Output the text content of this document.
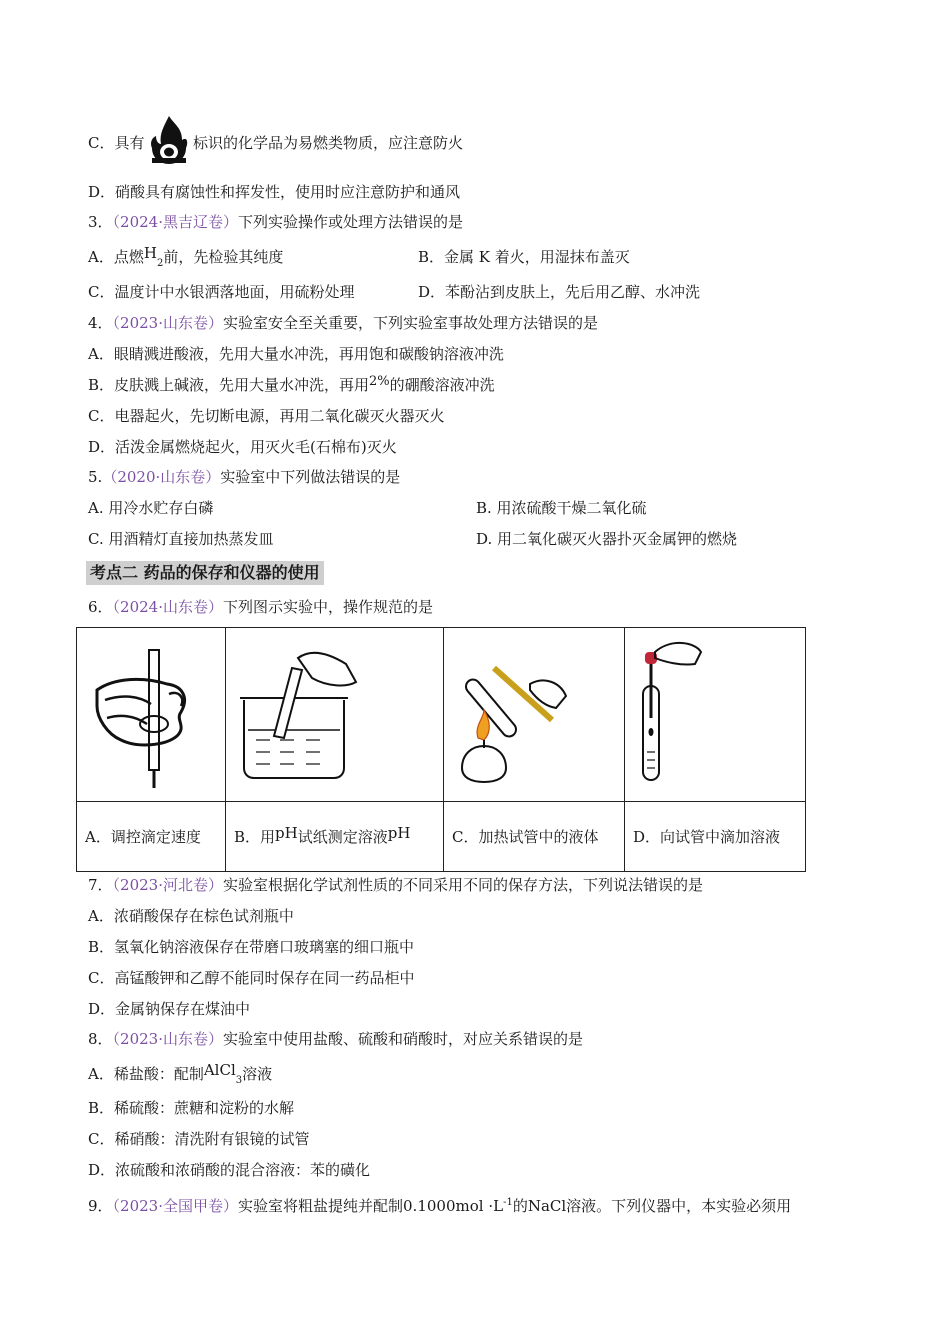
C．具有	标识的化学品为易燃类物质，应注意防火
D．硝酸具有腐蚀性和挥发性，使用时应注意防护和通风
3．（2024·黑吉辽卷）下列实验操作或处理方法错误的是
A．点燃$H_2$前，先检验其纯度	B．金属 K 着火，用湿抹布盖灭
C．温度计中水银洒落地面，用硫粉处理	D．苯酚沾到皮肤上，先后用乙醇、水冲洗
4．（2023·山东卷）实验室安全至关重要，下列实验室事故处理方法错误的是
A．眼睛溅进酸液，先用大量水冲洗，再用饱和碳酸钠溶液冲洗
B．皮肤溅上碱液，先用大量水冲洗，再用2%的硼酸溶液冲洗
C．电器起火，先切断电源，再用二氧化碳灭火器灭火
D．活泼金属燃烧起火，用灭火毛(石棉布)灭火
5.（2020·山东卷）实验室中下列做法错误的是
A. 用冷水贮存白磷	B. 用浓硫酸干燥二氧化硫
C. 用酒精灯直接加热蒸发皿	D. 用二氧化碳灭火器扑灭金属钾的燃烧
考点二 药品的保存和仪器的使用
6．（2024·山东卷）下列图示实验中，操作规范的是

A．调控滴定速度	B．用pH试纸测定溶液pH	C．加热试管中的液体	D．向试管中滴加溶液
7．（2023·河北卷）实验室根据化学试剂性质的不同采用不同的保存方法，下列说法错误的是
A．浓硝酸保存在棕色试剂瓶中
B．氢氧化钠溶液保存在带磨口玻璃塞的细口瓶中
C．高锰酸钾和乙醇不能同时保存在同一药品柜中
D．金属钠保存在煤油中
8．（2023·山东卷）实验室中使用盐酸、硫酸和硝酸时，对应关系错误的是
A．稀盐酸：配制AlCl$_3$溶液
B．稀硫酸：蔗糖和淀粉的水解
C．稀硝酸：清洗附有银镜的试管
D．浓硫酸和浓硝酸的混合溶液：苯的磺化
9．（2023·全国甲卷）实验室将粗盐提纯并配制$0.1000mol \cdot L^{-1}$的NaCl溶液。下列仪器中，本实验必须用
